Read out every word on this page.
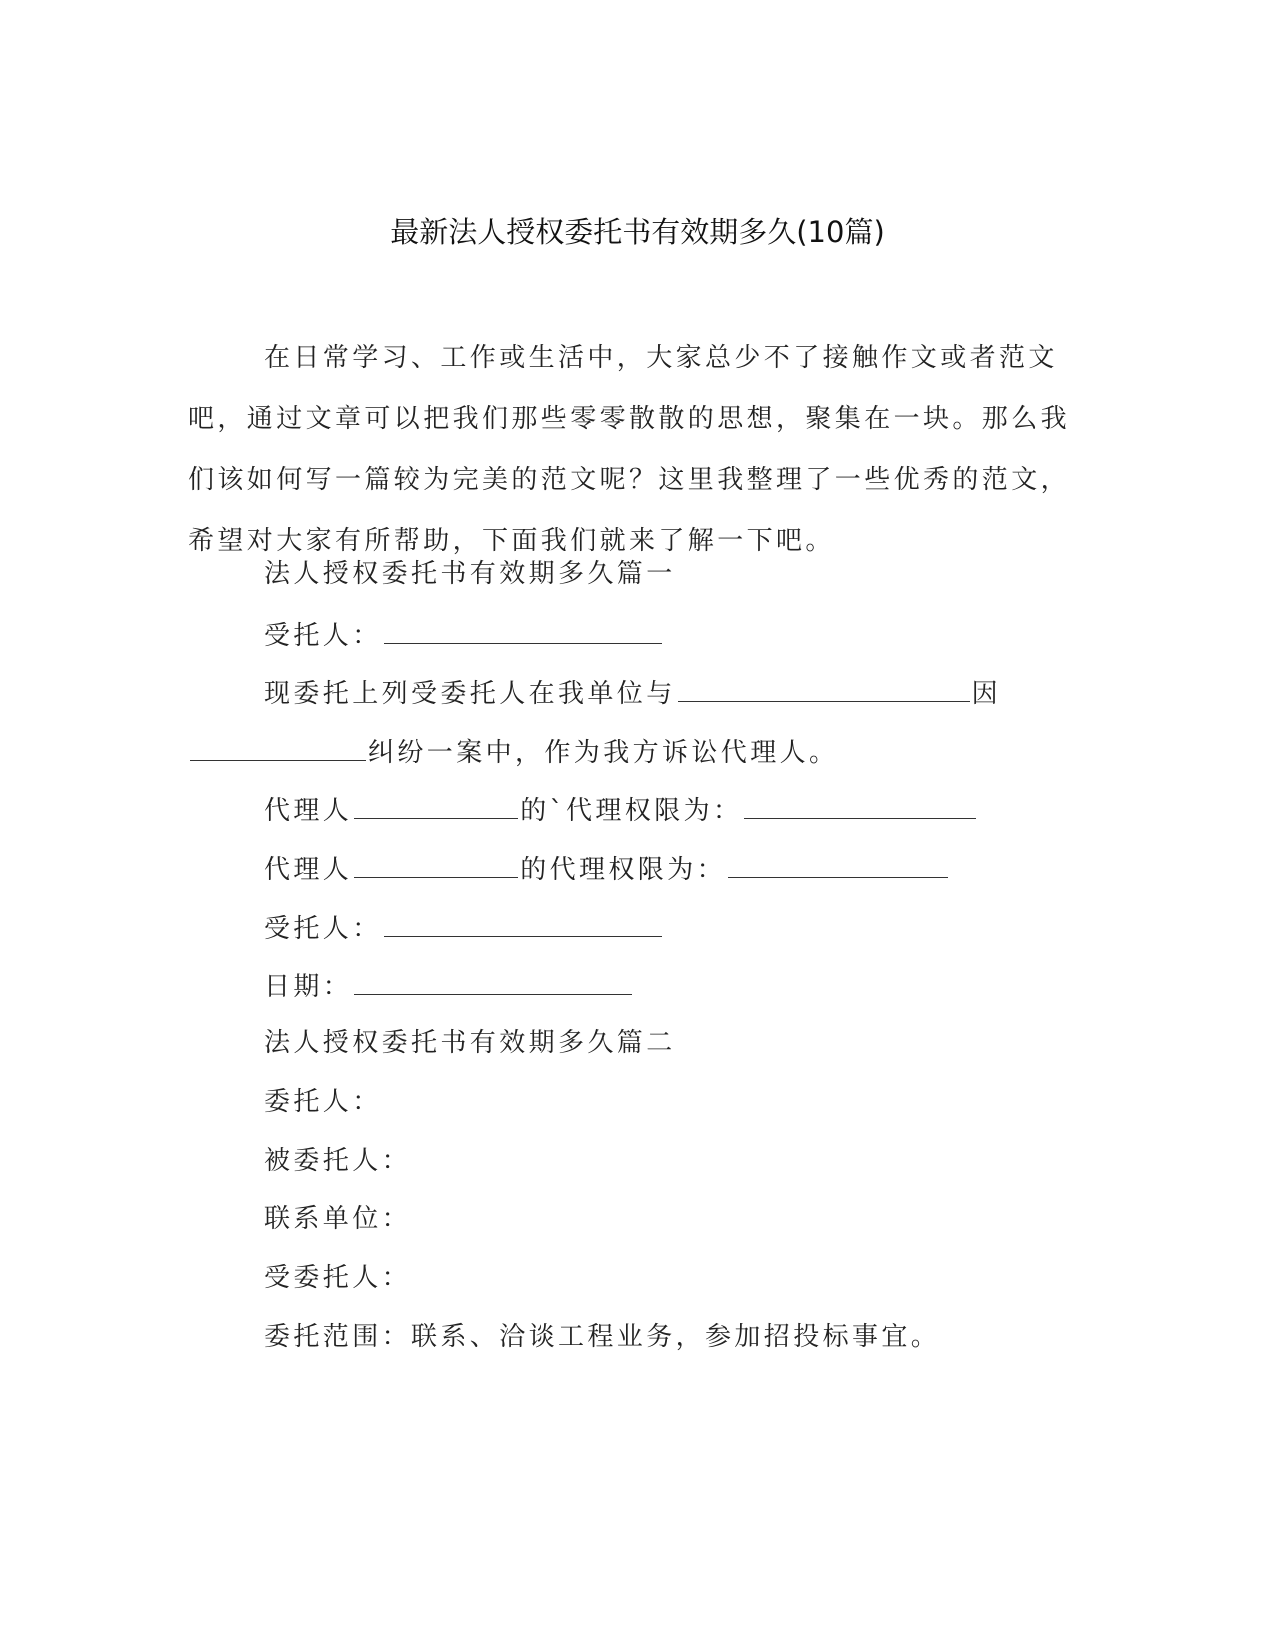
最新法人授权委托书有效期多久(10篇)
在日常学习、工作或生活中，大家总少不了接触作文或者范文吧，通过文章可以把我们那些零零散散的思想，聚集在一块。那么我们该如何写一篇较为完美的范文呢？这里我整理了一些优秀的范文，希望对大家有所帮助，下面我们就来了解一下吧。
法人授权委托书有效期多久篇一
受托人：
现委托上列受委托人在我单位与	因
纠纷一案中，作为我方诉讼代理人。
代理人	的`代理权限为：
代理人	的代理权限为：
受托人：
日期：
法人授权委托书有效期多久篇二
委托人：
被委托人：
联系单位：
受委托人：
委托范围：联系、洽谈工程业务，参加招投标事宜。
